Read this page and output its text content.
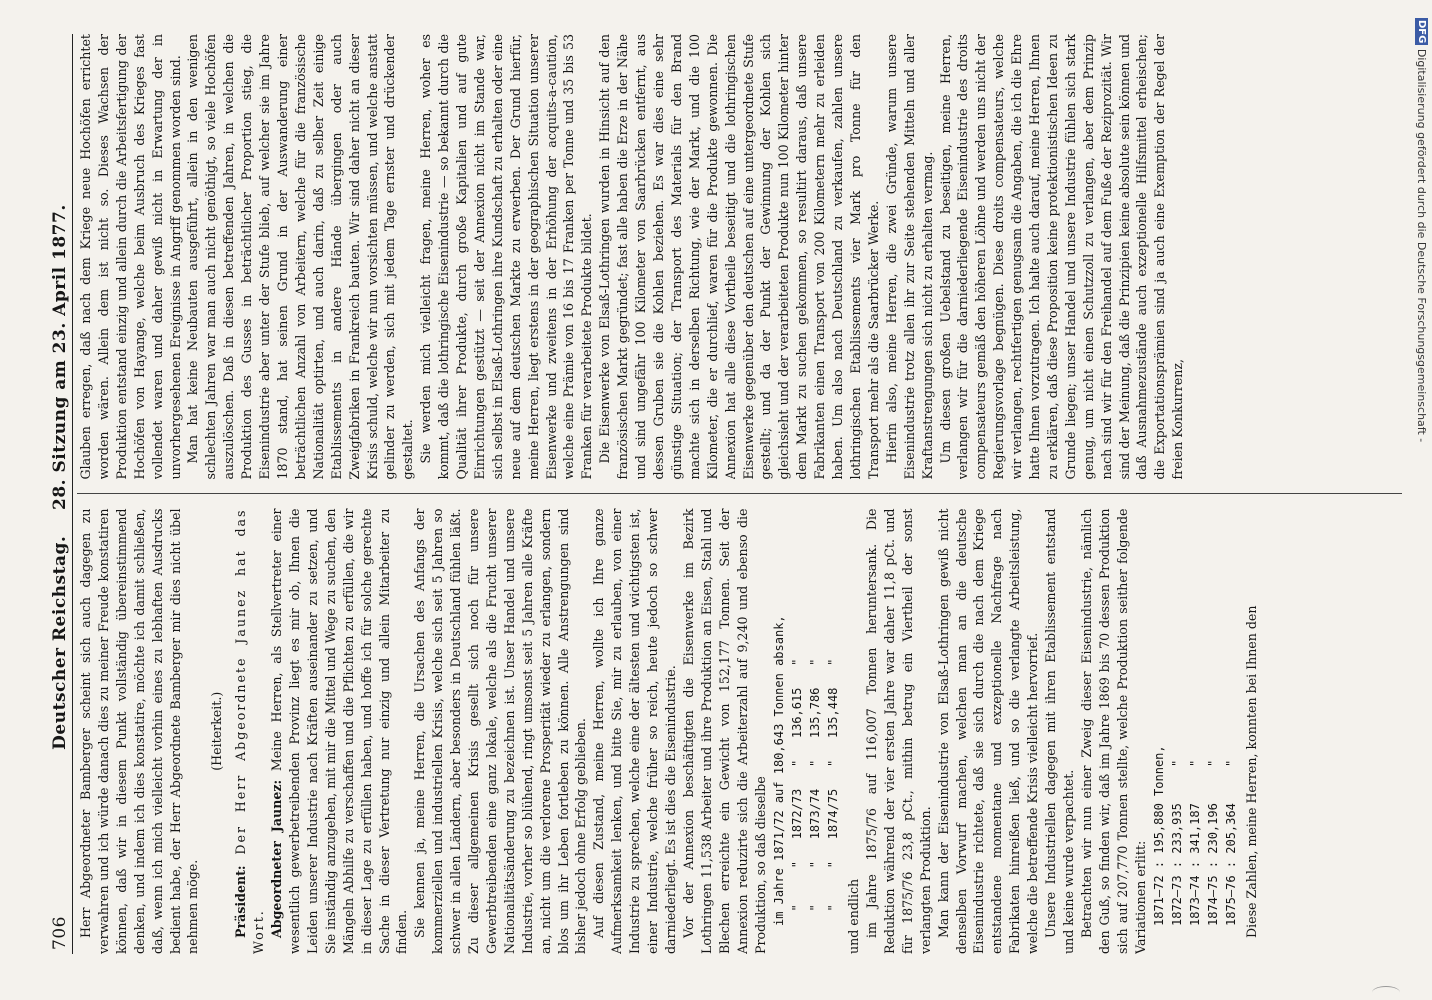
706
Deutscher Reichstag.    28. Sitzung am 23. April 1877.

Herr Abgeordneter Bamberger scheint sich auch dagegen zu verwahren und ich würde danach dies zu meiner Freude konstatiren können, daß wir in diesem Punkt vollständig übereinstimmend denken, und indem ich dies konstatire, möchte ich damit schließen, daß, wenn ich mich vielleicht vorhin eines zu lebhaften Ausdrucks bedient habe, der Herr Abgeordnete Bamberger mir dies nicht übel nehmen möge.

(Heiterkeit.)

Präsident: Der Herr Abgeordnete Jaunez hat das Wort. Abgeordneter Jaunez: Meine Herren, als Stellvertreter einer wesentlich gewerbetreibenden Provinz liegt es mir ob, Ihnen die Leiden unserer Industrie nach Kräften auseinander zu setzen, und Sie inständig anzugehen, mit mir die Mittel und Wege zu suchen, den Mängeln Abhilfe zu verschaffen und die Pflichten zu erfüllen, die wir in dieser Lage zu erfüllen haben, und hoffe ich für solche gerechte Sache in dieser Vertretung nur einzig und allein Mitarbeiter zu finden. Sie kennen ja, meine Herren, die Ursachen des Anfangs der kommerziellen und industriellen Krisis, welche sich seit 5 Jahren so schwer in allen Ländern, aber besonders in Deutschland fühlen läßt. Zu dieser allgemeinen Krisis gesellt sich noch für unsere Gewerbtreibenden eine ganz lokale, welche als die Frucht unserer Nationalitätsänderung zu bezeichnen ist. Unser Handel und unsere Industrie, vorher so blühend, ringt umsonst seit 5 Jahren alle Kräfte an, nicht um die verlorene Prosperität wieder zu erlangen, sondern blos um ihr Leben fortleben zu können. Alle Anstrengungen sind bisher jedoch ohne Erfolg geblieben. Auf diesen Zustand, meine Herren, wollte ich Ihre ganze Aufmerksamkeit lenken, und bitte Sie, mir zu erlauben, von einer Industrie zu sprechen, welche eine der ältesten und wichtigsten ist, einer Industrie, welche früher so reich, heute jedoch so schwer darniederliegt. Es ist dies die Eisenindustrie. Vor der Annexion beschäftigten die Eisenwerke im Bezirk Lothringen 11,538 Arbeiter und ihre Produktion an Eisen, Stahl und Blechen erreichte ein Gewicht von 152,177 Tonnen. Seit der Annexion reduzirte sich die Arbeiterzahl auf 9,240 und ebenso die Produktion, so daß dieselbe im Jahre 1871/72 auf 180,643 Tonnen absank, "     "   1872/73   "   136,615   " "     "   1873/74   "   135,786   " "     "   1874/75   "   135,448   " und endlich im Jahre 1875/76 auf 116,007 Tonnen heruntersank. Die Reduktion während der vier ersten Jahre war daher 11,8 pCt. und für 1875/76 23,8 pCt., mithin betrug ein Viertheil der sonst verlangten Produktion. Man kann der Eisenindustrie von Elsaß-Lothringen gewiß nicht denselben Vorwurf machen, welchen man an die deutsche Eisenindustrie richtete, daß sie sich durch die nach dem Kriege entstandene momentane und exzeptionelle Nachfrage nach Fabrikaten hinreißen ließ, und so die verlangte Arbeitsleistung, welche die betreffende Krisis vielleicht hervorrief. Unsere Industriellen dagegen mit ihren Etablissement entstand und keine wurde verpachtet. Betrachten wir nun einer Zweig dieser Eisenindustrie, nämlich den Guß, so finden wir, daß im Jahre 1869 bis 70 dessen Produktion sich auf 207,770 Tonnen stellte, welche Produktion seither folgende Variationen erlitt: 1871—72 : 195,880 Tonnen, 1872—73 : 233,935     " 1873—74 : 341,187     " 1874—75 : 230,196     " 1875—76 : 205,364     " Diese Zahlen, meine Herren, konnten bei Ihnen den

Glauben erregen, daß nach dem Kriege neue Hochöfen errichtet worden wären. Allein dem ist nicht so. Dieses Wachsen der Produktion entstand einzig und allein durch die Arbeitsfertigung der Hochöfen von Hayange, welche beim Ausbruch des Krieges fast vollendet waren und daher gewiß nicht in Erwartung der in unvorhergesehenen Ereignisse in Angriff genommen worden sind. Man hat keine Neubauten ausgeführt, allein in den wenigen schlechten Jahren war man auch nicht genöthigt, so viele Hochöfen auszulöschen. Daß in diesen betreffenden Jahren, in welchen die Produktion des Gusses in beträchtlicher Proportion stieg, die Eisenindustrie aber unter der Stufe blieb, auf welcher sie im Jahre 1870 stand, hat seinen Grund in der Auswanderung einer beträchtlichen Anzahl von Arbeitern, welche für die französische Nationalität optirten, und auch darin, daß zu selber Zeit einige Etablissements in andere Hände übergingen oder auch Zweigfabriken in Frankreich bauten. Wir sind daher nicht an dieser Krisis schuld, welche wir nun vorsichten müssen, und welche anstatt gelinder zu werden, sich mit jedem Tage ernster und drückender gestaltet. Sie werden mich vielleicht fragen, meine Herren, woher es kommt, daß die lothringische Eisenindustrie — so bekannt durch die Qualität ihrer Produkte, durch große Kapitalien und auf gute Einrichtungen gestützt — seit der Annexion nicht im Stande war, sich selbst in Elsaß-Lothringen ihre Kundschaft zu erhalten oder eine neue auf dem deutschen Markte zu erwerben. Der Grund hierfür, meine Herren, liegt erstens in der geographischen Situation unserer Eisenwerke und zweitens in der Erhöhung der acquits-a-caution, welche eine Prämie von 16 bis 17 Franken per Tonne und 35 bis 53 Franken für verarbeitete Produkte bildet. Die Eisenwerke von Elsaß-Lothringen wurden in Hinsicht auf den französischen Markt gegründet; fast alle haben die Erze in der Nähe und sind ungefähr 100 Kilometer von Saarbrücken entfernt, aus dessen Gruben sie die Kohlen beziehen. Es war dies eine sehr günstige Situation; der Transport des Materials für den Brand machte sich in derselben Richtung, wie der Markt, und die 100 Kilometer, die er durchlief, waren für die Produkte gewonnen. Die Annexion hat alle diese Vortheile beseitigt und die lothringischen Eisenwerke gegenüber den deutschen auf eine untergeordnete Stufe gestellt; und da der Punkt der Gewinnung der Kohlen sich gleichsieht und der verarbeiteten Produkte nun 100 Kilometer hinter dem Markt zu suchen gekommen, so resultirt daraus, daß unsere Fabrikanten einen Transport von 200 Kilometern mehr zu erleiden haben. Um also nach Deutschland zu verkaufen, zahlen unsere lothringischen Etablissements vier Mark pro Tonne für den Transport mehr als die Saarbrücker Werke. Hierin also, meine Herren, die zwei Gründe, warum unsere Eisenindustrie trotz allen ihr zur Seite stehenden Mitteln und aller Kraftanstrengungen sich nicht zu erhalten vermag. Um diesen großen Uebelstand zu beseitigen, meine Herren, verlangen wir für die darniederliegende Eisenindustrie des droits compensateurs gemäß den höheren Löhne und werden uns nicht der Regierungsvorlage begnügen. Diese droits compensateurs, welche wir verlangen, rechtfertigen genugsam die Angaben, die ich die Ehre hatte Ihnen vorzutragen. Ich halte auch darauf, meine Herren, Ihnen zu erklären, daß diese Proposition keine protektionistischen Ideen zu Grunde liegen; unser Handel und unsere Industrie fühlen sich stark genug, um nicht einen Schutzzoll zu verlangen, aber dem Prinzip nach sind wir für den Freihandel auf dem Fuße der Reziprozität. Wir sind der Meinung, daß die Prinzipien keine absolute sein können und daß Ausnahmezustände auch exzeptionelle Hilfsmittel erheischen; die Exportationsprämien sind ja auch eine Exemption der Regel der freien Konkurrenz,

DFG Digitalisierung gefördert durch die Deutsche Forschungsgemeinschaft -
